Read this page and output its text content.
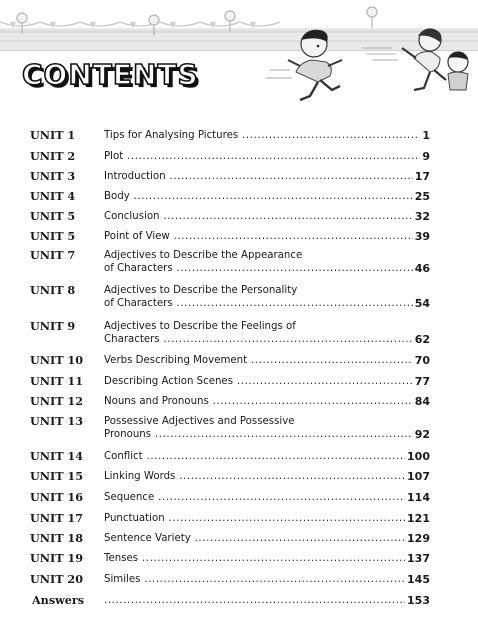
CONTENTS
UNIT 1	Tips for Analysing Pictures .....	1
UNIT 2	Plot .....	9
UNIT 3	Introduction .....	17
UNIT 4	Body .....	25
UNIT 5	Conclusion .....	32
UNIT 5	Point of View .....	39
UNIT 7	Adjectives to Describe the Appearance
of Characters .....	46
UNIT 8	Adjectives to Describe the Personality
of Characters .....	54
UNIT 9	Adjectives to Describe the Feelings of
Characters .....	62
UNIT 10	Verbs Describing Movement .....	70
UNIT 11	Describing Action Scenes .....	77
UNIT 12	Nouns and Pronouns .....	84
UNIT 13	Possessive Adjectives and Possessive
Pronouns .....	92
UNIT 14	Conflict .....	100
UNIT 15	Linking Words .....	107
UNIT 16	Sequence .....	114
UNIT 17	Punctuation .....	121
UNIT 18	Sentence Variety .....	129
UNIT 19	Tenses .....	137
UNIT 20	Similes .....	145
Answers .....	153
